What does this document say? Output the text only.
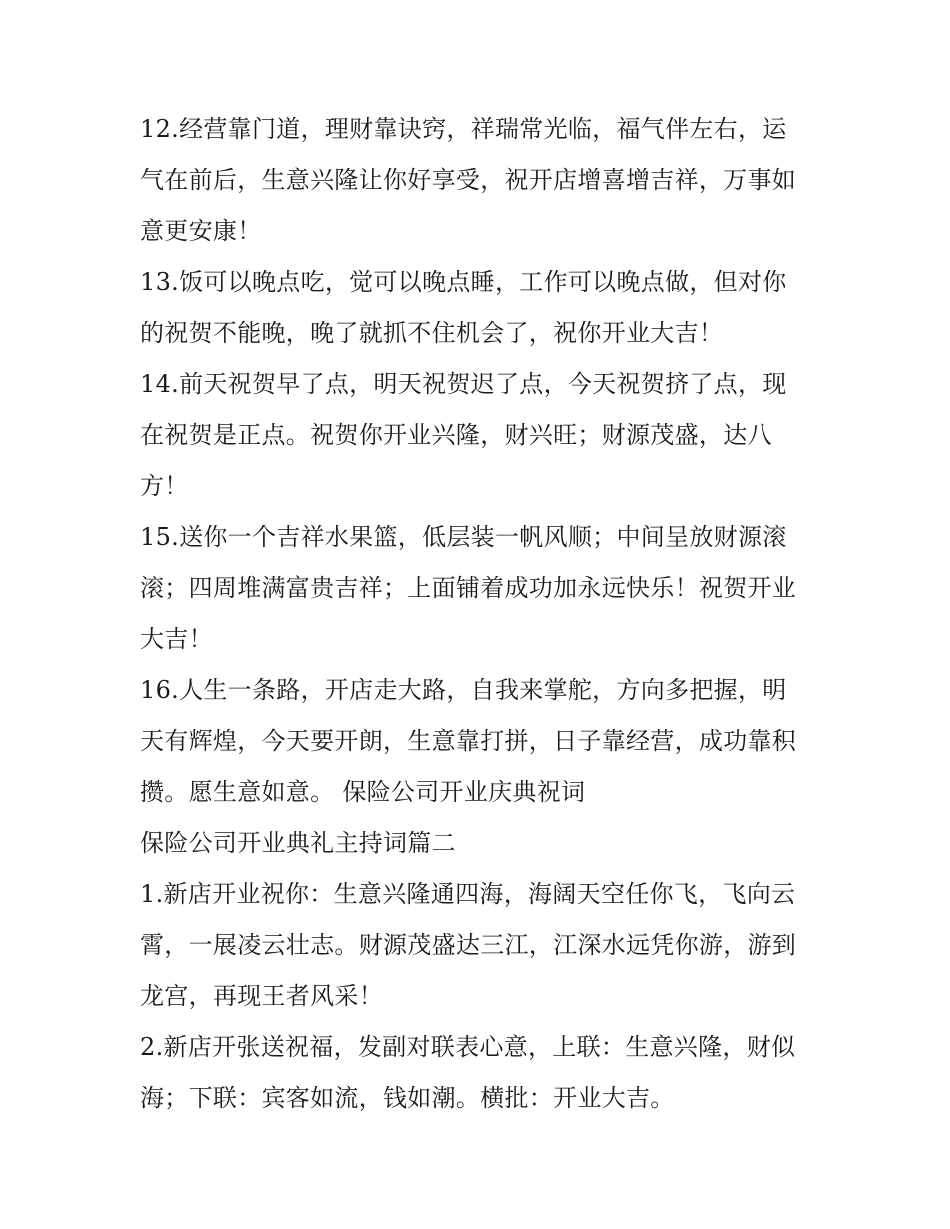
12.经营靠门道，理财靠诀窍，祥瑞常光临，福气伴左右，运
气在前后，生意兴隆让你好享受，祝开店增喜增吉祥，万事如
意更安康！
13.饭可以晚点吃，觉可以晚点睡，工作可以晚点做，但对你
的祝贺不能晚，晚了就抓不住机会了，祝你开业大吉！
14.前天祝贺早了点，明天祝贺迟了点，今天祝贺挤了点，现
在祝贺是正点。祝贺你开业兴隆，财兴旺；财源茂盛，达八
方！
15.送你一个吉祥水果篮，低层装一帆风顺；中间呈放财源滚
滚；四周堆满富贵吉祥；上面铺着成功加永远快乐！祝贺开业
大吉！
16.人生一条路，开店走大路，自我来掌舵，方向多把握，明
天有辉煌，今天要开朗，生意靠打拼，日子靠经营，成功靠积
攒。愿生意如意。 保险公司开业庆典祝词
保险公司开业典礼主持词篇二
1.新店开业祝你：生意兴隆通四海，海阔天空任你飞，飞向云
霄，一展凌云壮志。财源茂盛达三江，江深水远凭你游，游到
龙宫，再现王者风采！
2.新店开张送祝福，发副对联表心意，上联：生意兴隆，财似
海；下联：宾客如流，钱如潮。横批：开业大吉。
